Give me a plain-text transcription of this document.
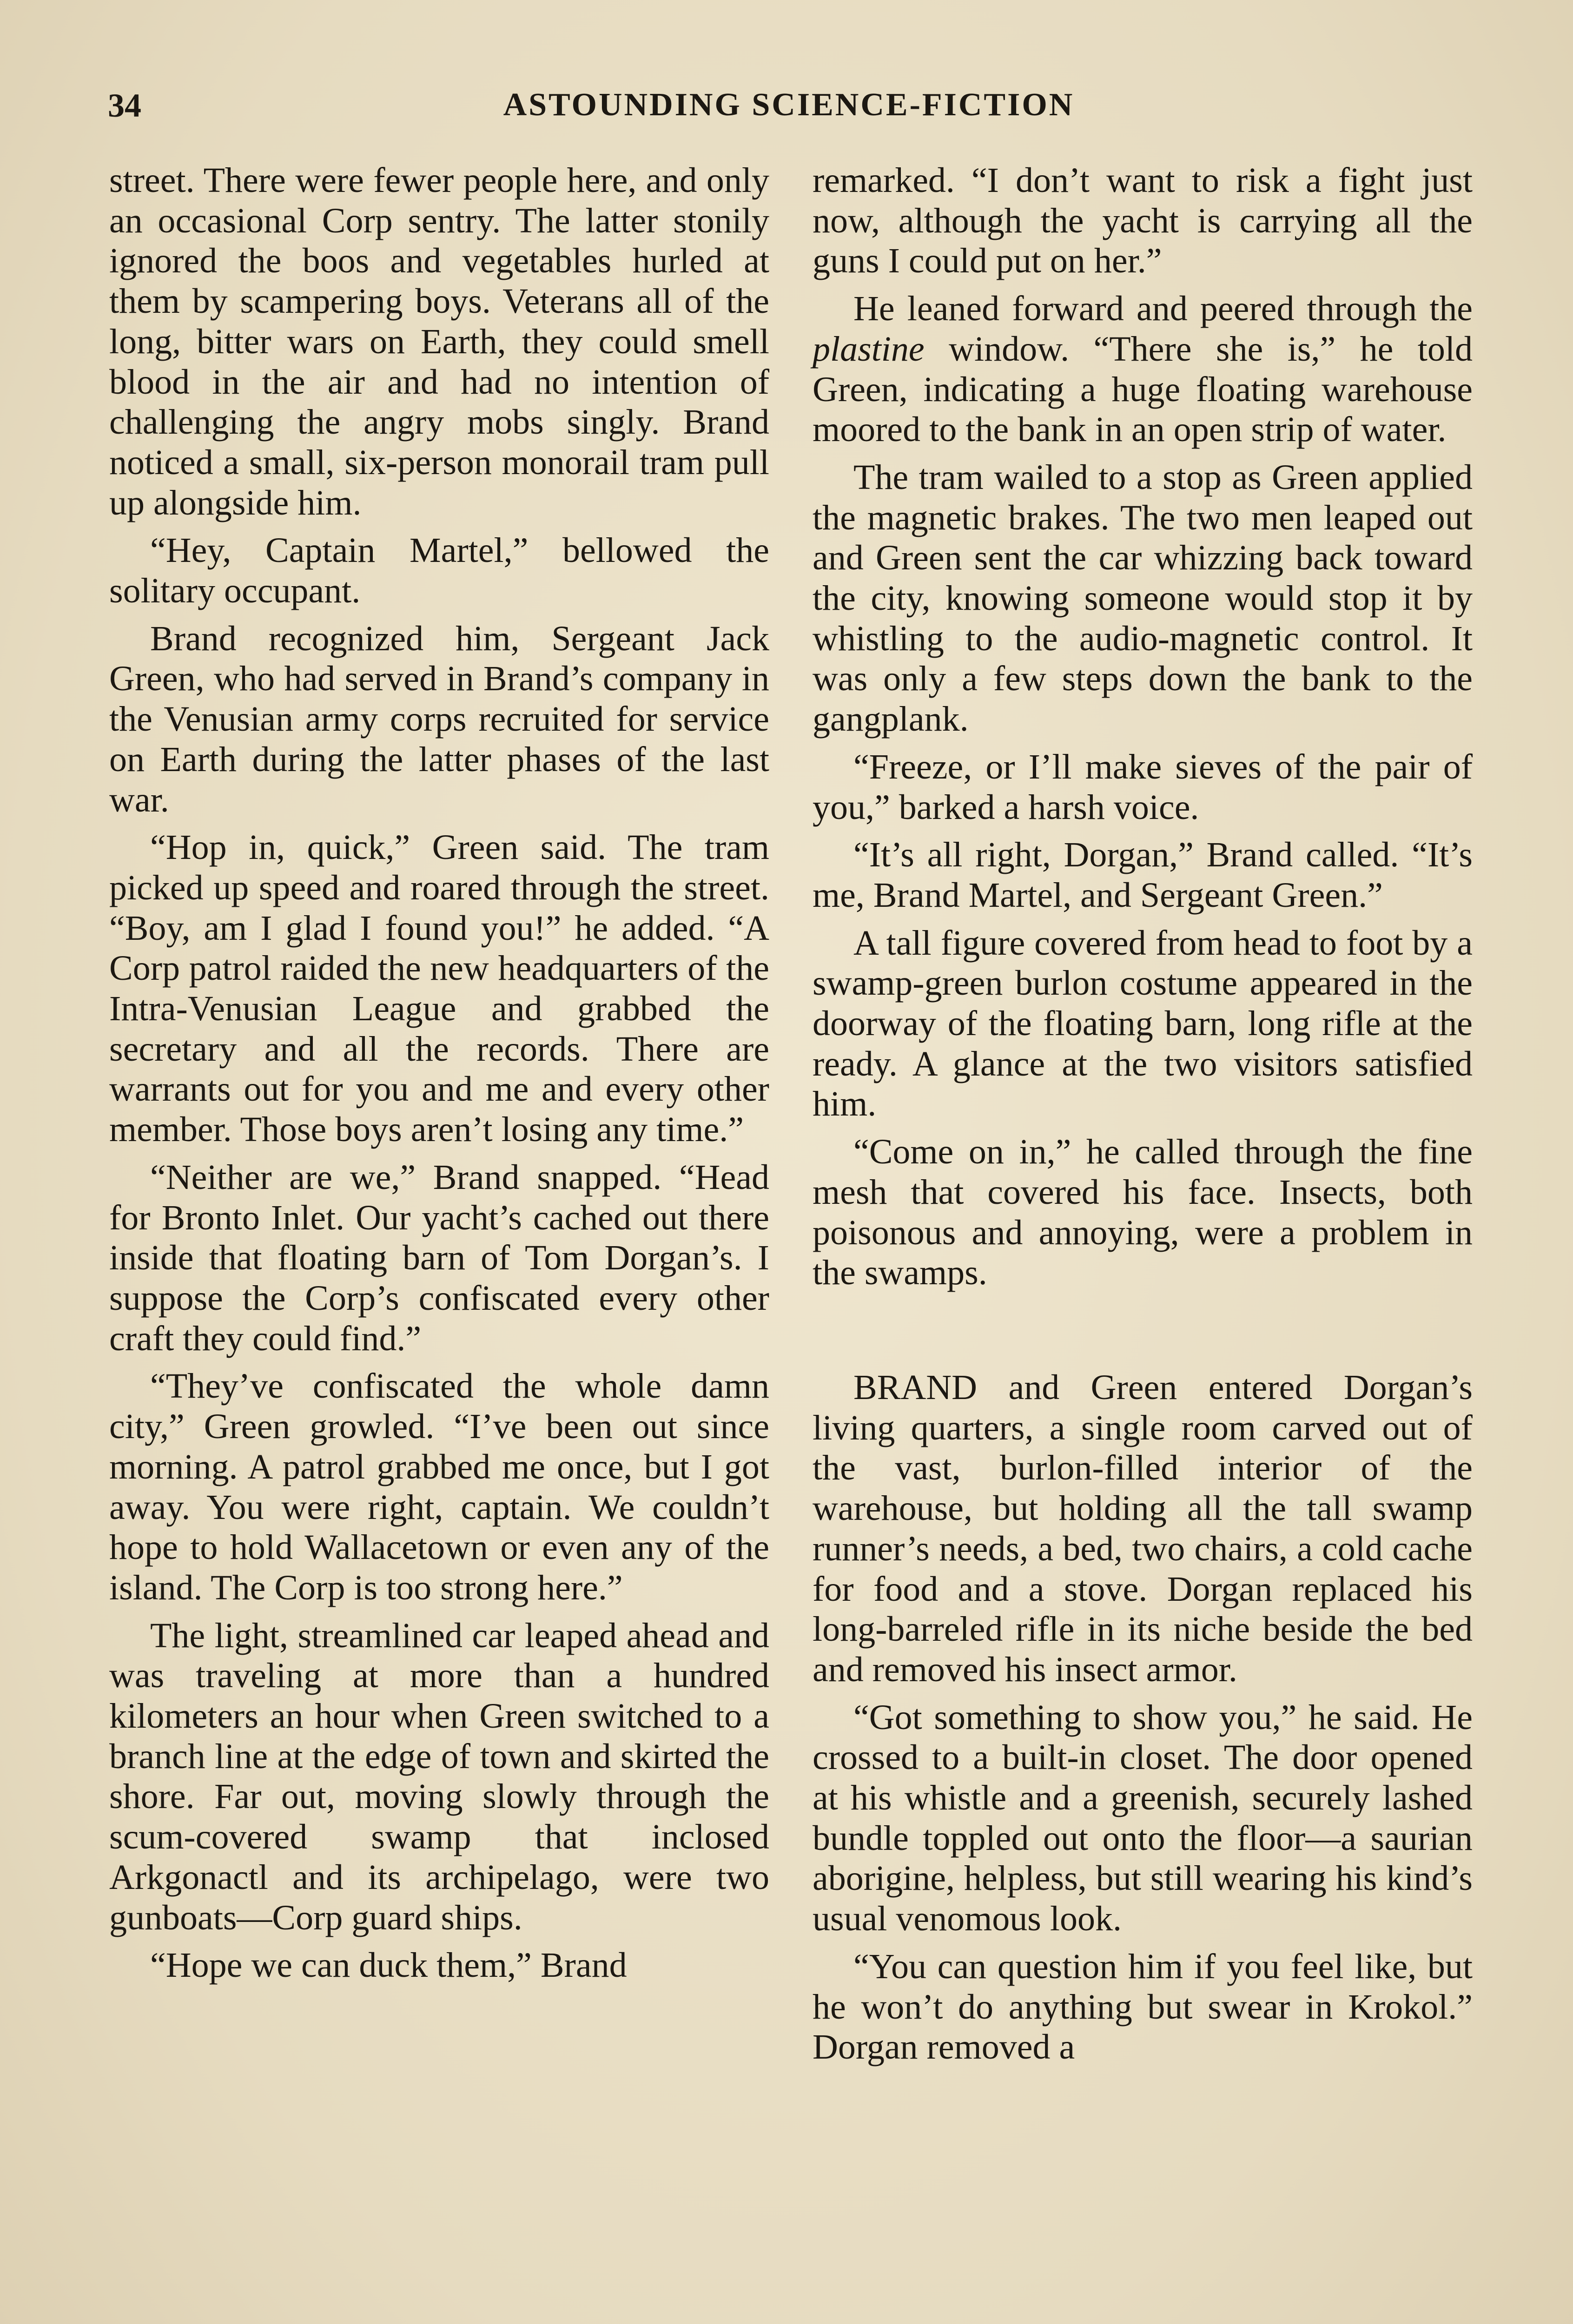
34	ASTOUNDING SCIENCE-FICTION

street. There were fewer people here, and only an occasional Corp sentry. The latter stonily ignored the boos and vegetables hurled at them by scampering boys. Veterans all of the long, bitter wars on Earth, they could smell blood in the air and had no intention of challenging the angry mobs singly. Brand noticed a small, six-person monorail tram pull up alongside him.

“Hey, Captain Martel,” bellowed the solitary occupant.

Brand recognized him, Sergeant Jack Green, who had served in Brand’s company in the Venusian army corps recruited for service on Earth during the latter phases of the last war.

“Hop in, quick,” Green said. The tram picked up speed and roared through the street. “Boy, am I glad I found you!” he added. “A Corp patrol raided the new headquarters of the Intra-Venusian League and grabbed the secretary and all the records. There are warrants out for you and me and every other member. Those boys aren’t losing any time.”

“Neither are we,” Brand snapped. “Head for Bronto Inlet. Our yacht’s cached out there inside that floating barn of Tom Dorgan’s. I suppose the Corp’s confiscated every other craft they could find.”

“They’ve confiscated the whole damn city,” Green growled. “I’ve been out since morning. A patrol grabbed me once, but I got away. You were right, captain. We couldn’t hope to hold Wallacetown or even any of the island. The Corp is too strong here.”

The light, streamlined car leaped ahead and was traveling at more than a hundred kilometers an hour when Green switched to a branch line at the edge of town and skirted the shore. Far out, moving slowly through the scum-covered swamp that inclosed Arkgonactl and its archipelago, were two gunboats—Corp guard ships.

“Hope we can duck them,” Brand

remarked. “I don’t want to risk a fight just now, although the yacht is carrying all the guns I could put on her.”

He leaned forward and peered through the plastine window. “There she is,” he told Green, indicating a huge floating warehouse moored to the bank in an open strip of water.

The tram wailed to a stop as Green applied the magnetic brakes. The two men leaped out and Green sent the car whizzing back toward the city, knowing someone would stop it by whistling to the audio-magnetic control. It was only a few steps down the bank to the gangplank.

“Freeze, or I’ll make sieves of the pair of you,” barked a harsh voice.

“It’s all right, Dorgan,” Brand called. “It’s me, Brand Martel, and Sergeant Green.”

A tall figure covered from head to foot by a swamp-green burlon costume appeared in the doorway of the floating barn, long rifle at the ready. A glance at the two visitors satisfied him.

“Come on in,” he called through the fine mesh that covered his face. Insects, both poisonous and annoying, were a problem in the swamps.

BRAND and Green entered Dorgan’s living quarters, a single room carved out of the vast, burlon-filled interior of the warehouse, but holding all the tall swamp runner’s needs, a bed, two chairs, a cold cache for food and a stove. Dorgan replaced his long-barreled rifle in its niche beside the bed and removed his insect armor.

“Got something to show you,” he said. He crossed to a built-in closet. The door opened at his whistle and a greenish, securely lashed bundle toppled out onto the floor—a saurian aborigine, helpless, but still wearing his kind’s usual venomous look.

“You can question him if you feel like, but he won’t do anything but swear in Krokol.” Dorgan removed a
